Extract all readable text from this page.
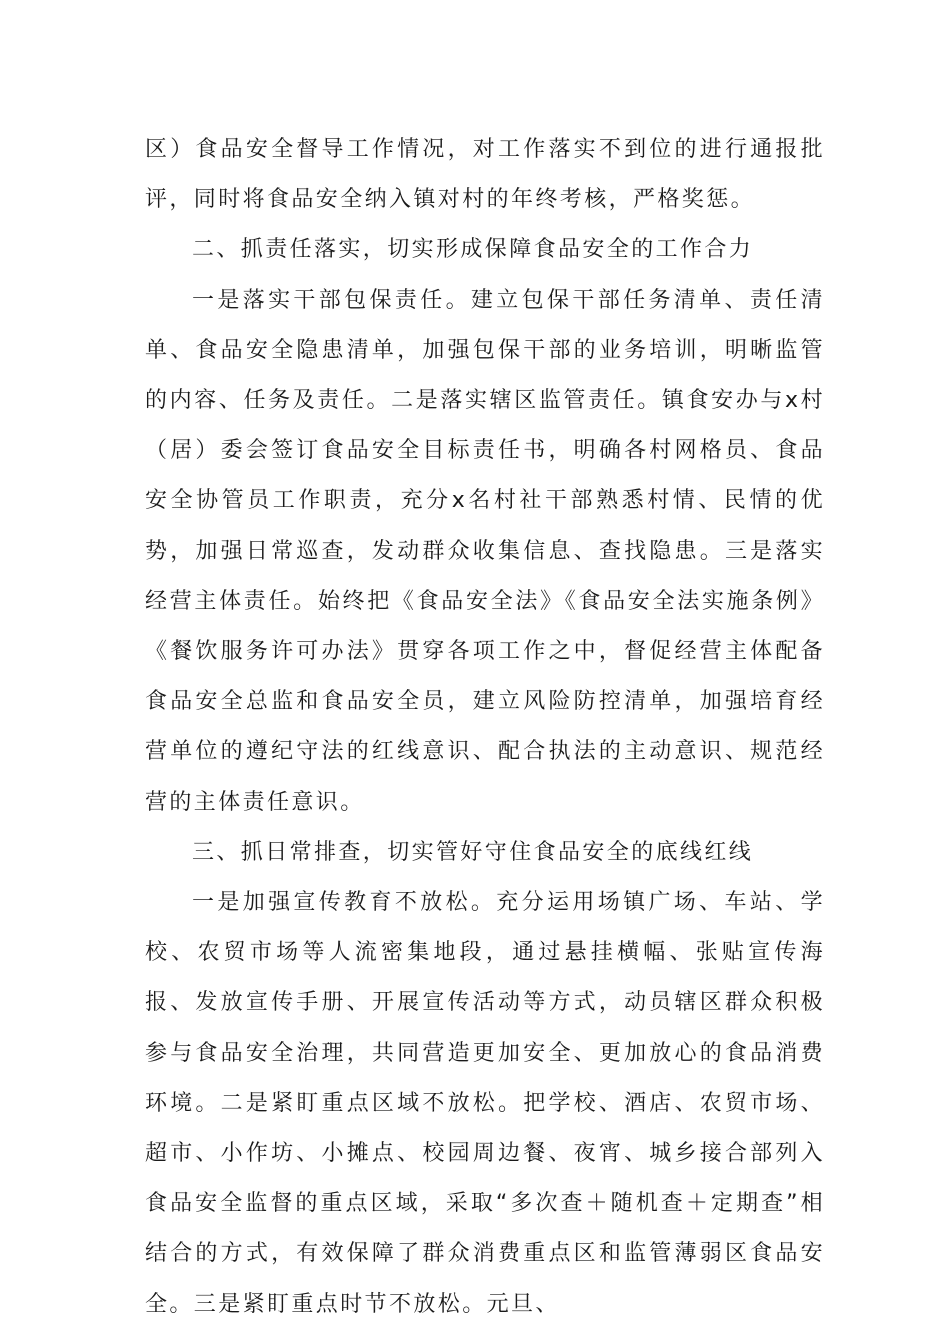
区）食品安全督导工作情况，对工作落实不到位的进行通报批评，同时将食品安全纳入镇对村的年终考核，严格奖惩。

二、抓责任落实，切实形成保障食品安全的工作合力

一是落实干部包保责任。建立包保干部任务清单、责任清单、食品安全隐患清单，加强包保干部的业务培训，明晰监管的内容、任务及责任。二是落实辖区监管责任。镇食安办与x村（居）委会签订食品安全目标责任书，明确各村网格员、食品安全协管员工作职责，充分x名村社干部熟悉村情、民情的优势，加强日常巡查，发动群众收集信息、查找隐患。三是落实经营主体责任。始终把《食品安全法》《食品安全法实施条例》《餐饮服务许可办法》贯穿各项工作之中，督促经营主体配备食品安全总监和食品安全员，建立风险防控清单，加强培育经营单位的遵纪守法的红线意识、配合执法的主动意识、规范经营的主体责任意识。

三、抓日常排查，切实管好守住食品安全的底线红线

一是加强宣传教育不放松。充分运用场镇广场、车站、学校、农贸市场等人流密集地段，通过悬挂横幅、张贴宣传海报、发放宣传手册、开展宣传活动等方式，动员辖区群众积极参与食品安全治理，共同营造更加安全、更加放心的食品消费环境。二是紧盯重点区域不放松。把学校、酒店、农贸市场、超市、小作坊、小摊点、校园周边餐、夜宵、城乡接合部列入食品安全监督的重点区域，采取“多次查＋随机查＋定期查”相结合的方式，有效保障了群众消费重点区和监管薄弱区食品安全。三是紧盯重点时节不放松。元旦、
